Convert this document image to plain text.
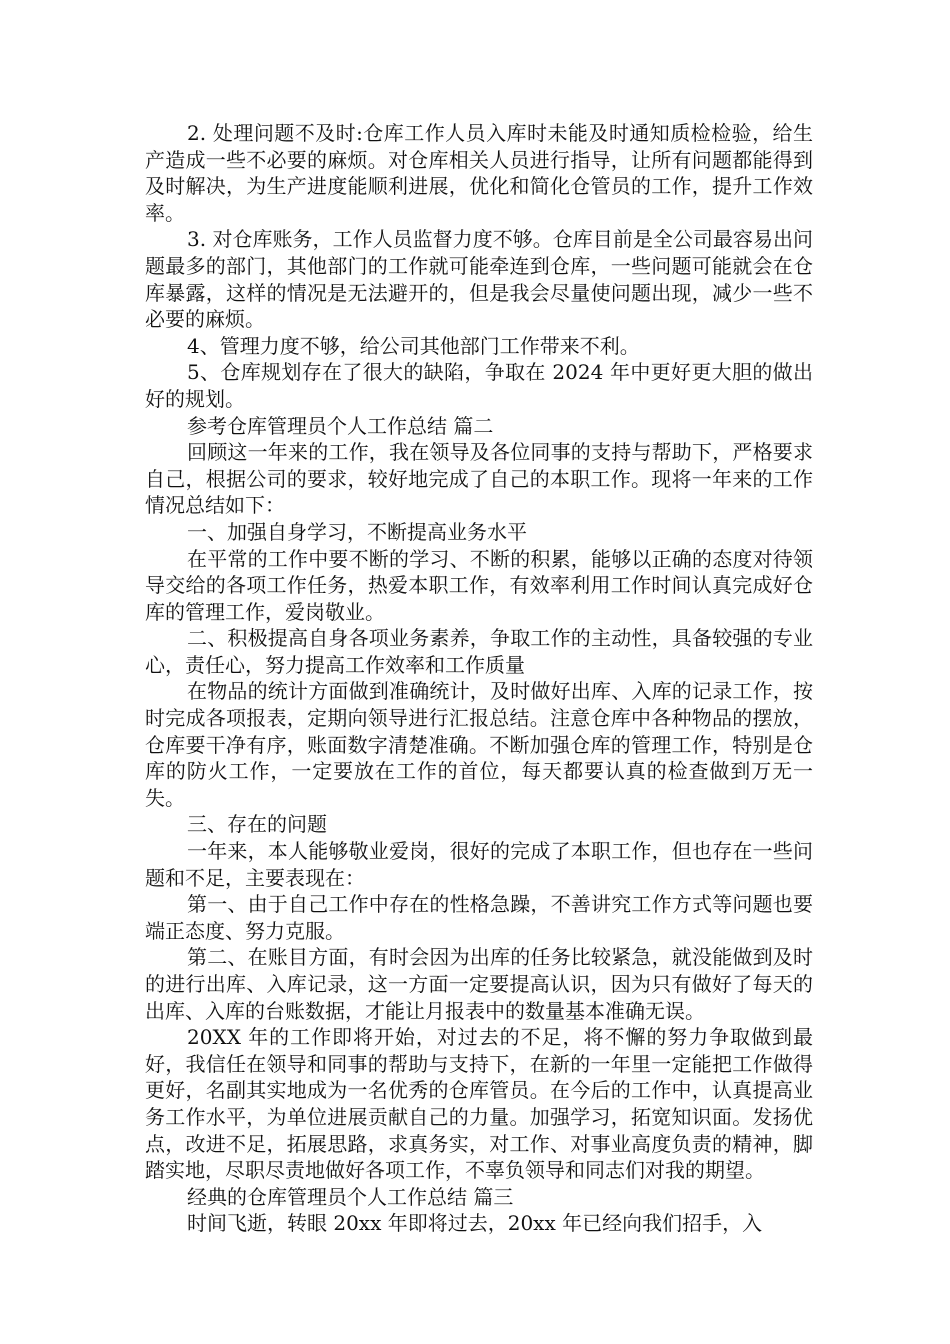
2. 处理问题不及时:仓库工作人员入库时未能及时通知质检检验，给生产造成一些不必要的麻烦。对仓库相关人员进行指导，让所有问题都能得到及时解决，为生产进度能顺利进展，优化和简化仓管员的工作，提升工作效率。

3. 对仓库账务，工作人员监督力度不够。仓库目前是全公司最容易出问题最多的部门，其他部门的工作就可能牵连到仓库，一些问题可能就会在仓库暴露，这样的情况是无法避开的，但是我会尽量使问题出现，减少一些不必要的麻烦。

4、管理力度不够，给公司其他部门工作带来不利。

5、仓库规划存在了很大的缺陷，争取在 2024 年中更好更大胆的做出好的规划。

参考仓库管理员个人工作总结 篇二

回顾这一年来的工作，我在领导及各位同事的支持与帮助下，严格要求自己，根据公司的要求，较好地完成了自己的本职工作。现将一年来的工作情况总结如下：

一、加强自身学习，不断提高业务水平

在平常的工作中要不断的学习、不断的积累，能够以正确的态度对待领导交给的各项工作任务，热爱本职工作，有效率利用工作时间认真完成好仓库的管理工作，爱岗敬业。

二、积极提高自身各项业务素养，争取工作的主动性，具备较强的专业心，责任心，努力提高工作效率和工作质量

在物品的统计方面做到准确统计，及时做好出库、入库的记录工作，按时完成各项报表，定期向领导进行汇报总结。注意仓库中各种物品的摆放，仓库要干净有序，账面数字清楚准确。不断加强仓库的管理工作，特别是仓库的防火工作，一定要放在工作的首位，每天都要认真的检查做到万无一失。

三、存在的问题

一年来，本人能够敬业爱岗，很好的完成了本职工作，但也存在一些问题和不足，主要表现在：

第一、由于自己工作中存在的性格急躁，不善讲究工作方式等问题也要端正态度、努力克服。

第二、在账目方面，有时会因为出库的任务比较紧急，就没能做到及时的进行出库、入库记录，这一方面一定要提高认识，因为只有做好了每天的出库、入库的台账数据，才能让月报表中的数量基本准确无误。

20XX 年的工作即将开始，对过去的不足，将不懈的努力争取做到最好，我信任在领导和同事的帮助与支持下，在新的一年里一定能把工作做得更好，名副其实地成为一名优秀的仓库管员。在今后的工作中，认真提高业务工作水平，为单位进展贡献自己的力量。加强学习，拓宽知识面。发扬优点，改进不足，拓展思路，求真务实，对工作、对事业高度负责的精神，脚踏实地，尽职尽责地做好各项工作，不辜负领导和同志们对我的期望。

经典的仓库管理员个人工作总结 篇三

时间飞逝，转眼 20xx 年即将过去，20xx 年已经向我们招手，入
